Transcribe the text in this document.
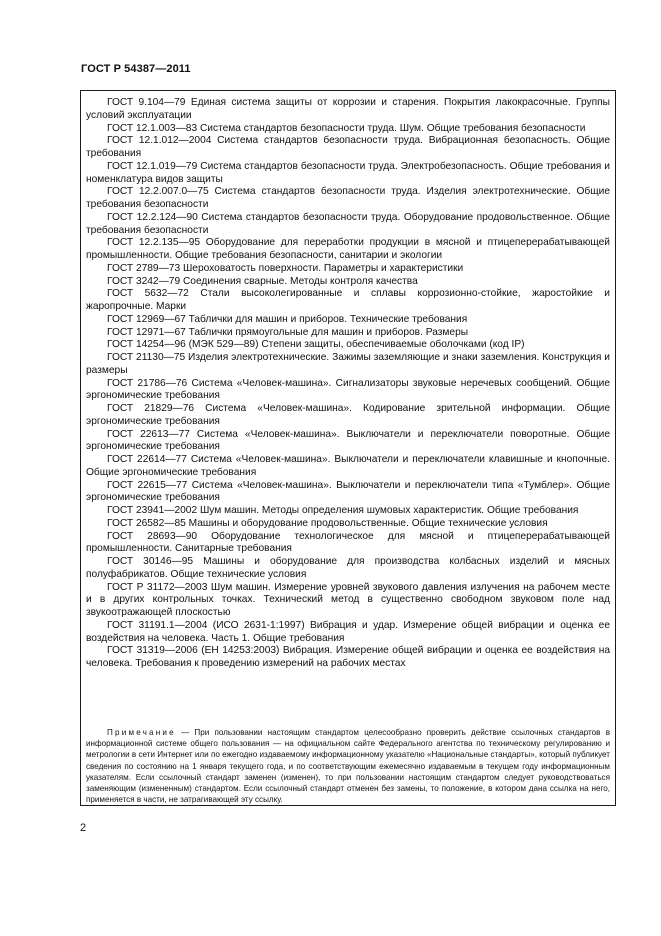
ГОСТ Р 54387—2011
ГОСТ 9.104—79 Единая система защиты от коррозии и старения. Покрытия лакокрасочные. Группы условий эксплуатации
ГОСТ 12.1.003—83 Система стандартов безопасности труда. Шум. Общие требования безопасности
ГОСТ 12.1.012—2004 Система стандартов безопасности труда. Вибрационная безопасность. Общие требования
ГОСТ 12.1.019—79 Система стандартов безопасности труда. Электробезопасность. Общие требования и номенклатура видов защиты
ГОСТ 12.2.007.0—75 Система стандартов безопасности труда. Изделия электротехнические. Общие требования безопасности
ГОСТ 12.2.124—90 Система стандартов безопасности труда. Оборудование продовольственное. Общие требования безопасности
ГОСТ 12.2.135—95 Оборудование для переработки продукции в мясной и птицеперерабатывающей промышленности. Общие требования безопасности, санитарии и экологии
ГОСТ 2789—73 Шероховатость поверхности. Параметры и характеристики
ГОСТ 3242—79 Соединения сварные. Методы контроля качества
ГОСТ 5632—72 Стали высоколегированные и сплавы коррозионно-стойкие, жаростойкие и жаропрочные. Марки
ГОСТ 12969—67 Таблички для машин и приборов. Технические требования
ГОСТ 12971—67 Таблички прямоугольные для машин и приборов. Размеры
ГОСТ 14254—96 (МЭК 529—89) Степени защиты, обеспечиваемые оболочками (код IP)
ГОСТ 21130—75 Изделия электротехнические. Зажимы заземляющие и знаки заземления. Конструкция и размеры
ГОСТ 21786—76 Система «Человек-машина». Сигнализаторы звуковые неречевых сообщений. Общие эргономические требования
ГОСТ 21829—76 Система «Человек-машина». Кодирование зрительной информации. Общие эргономические требования
ГОСТ 22613—77 Система «Человек-машина». Выключатели и переключатели поворотные. Общие эргономические требования
ГОСТ 22614—77 Система «Человек-машина». Выключатели и переключатели клавишные и кнопочные. Общие эргономические требования
ГОСТ 22615—77 Система «Человек-машина». Выключатели и переключатели типа «Тумблер». Общие эргономические требования
ГОСТ 23941—2002 Шум машин. Методы определения шумовых характеристик. Общие требования
ГОСТ 26582—85 Машины и оборудование продовольственные. Общие технические условия
ГОСТ 28693—90 Оборудование технологическое для мясной и птицеперерабатывающей промышленности. Санитарные требования
ГОСТ 30146—95 Машины и оборудование для производства колбасных изделий и мясных полуфабрикатов. Общие технические условия
ГОСТ Р 31172—2003 Шум машин. Измерение уровней звукового давления излучения на рабочем месте и в других контрольных точках. Технический метод в существенно свободном звуковом поле над звукоотражающей плоскостью
ГОСТ 31191.1—2004 (ИСО 2631-1:1997) Вибрация и удар. Измерение общей вибрации и оценка ее воздействия на человека. Часть 1. Общие требования
ГОСТ 31319—2006 (ЕН 14253:2003) Вибрация. Измерение общей вибрации и оценка ее воздействия на человека. Требования к проведению измерений на рабочих местах

Примечание — При пользовании настоящим стандартом целесообразно проверить действие ссылочных стандартов в информационной системе общего пользования — на официальном сайте Федерального агентства по техническому регулированию и метрологии в сети Интернет или по ежегодно издаваемому информационному указателю «Национальные стандарты», который публикует сведения по состоянию на 1 января текущего года, и по соответствующим ежемесячно издаваемым в текущем году информационным указателям. Если ссылочный стандарт заменен (изменен), то при пользовании настоящим стандартом следует руководствоваться заменяющим (измененным) стандартом. Если ссылочный стандарт отменен без замены, то положение, в котором дана ссылка на него, применяется в части, не затрагивающей эту ссылку.

2
